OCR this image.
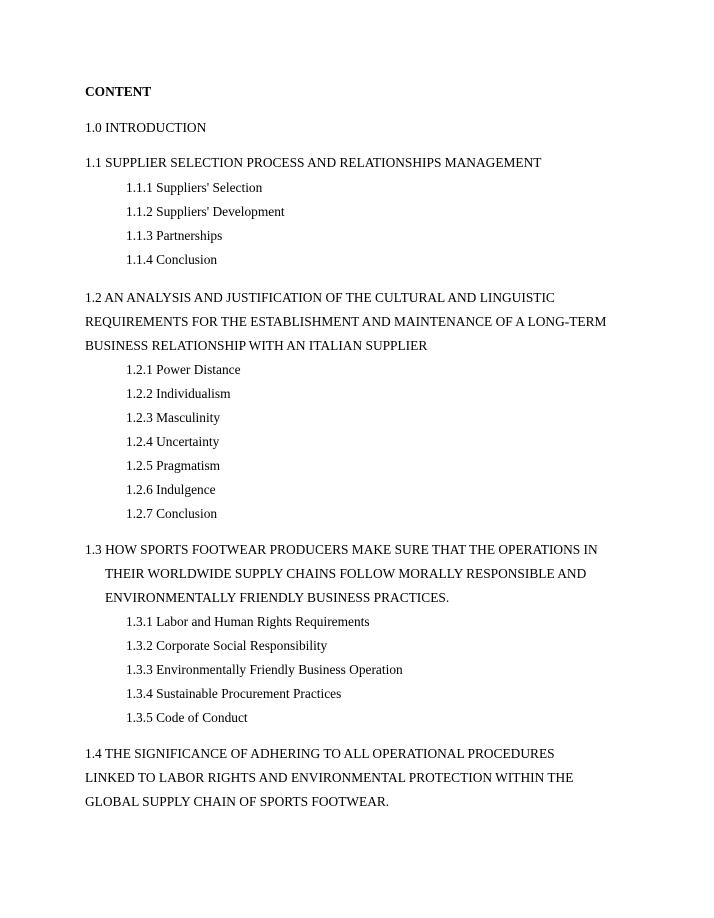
CONTENT
1.0 INTRODUCTION
1.1 SUPPLIER SELECTION PROCESS AND RELATIONSHIPS MANAGEMENT
1.1.1 Suppliers' Selection
1.1.2 Suppliers' Development
1.1.3 Partnerships
1.1.4 Conclusion
1.2 AN ANALYSIS AND JUSTIFICATION OF THE CULTURAL AND LINGUISTIC
REQUIREMENTS FOR THE ESTABLISHMENT AND MAINTENANCE OF A LONG-TERM
BUSINESS RELATIONSHIP WITH AN ITALIAN SUPPLIER
1.2.1 Power Distance
1.2.2 Individualism
1.2.3 Masculinity
1.2.4 Uncertainty
1.2.5 Pragmatism
1.2.6 Indulgence
1.2.7 Conclusion
1.3 HOW SPORTS FOOTWEAR PRODUCERS MAKE SURE THAT THE OPERATIONS IN
THEIR WORLDWIDE SUPPLY CHAINS FOLLOW MORALLY RESPONSIBLE AND
ENVIRONMENTALLY FRIENDLY BUSINESS PRACTICES.
1.3.1 Labor and Human Rights Requirements
1.3.2 Corporate Social Responsibility
1.3.3 Environmentally Friendly Business Operation
1.3.4 Sustainable Procurement Practices
1.3.5 Code of Conduct
1.4 THE SIGNIFICANCE OF ADHERING TO ALL OPERATIONAL PROCEDURES
LINKED TO LABOR RIGHTS AND ENVIRONMENTAL PROTECTION WITHIN THE
GLOBAL SUPPLY CHAIN OF SPORTS FOOTWEAR.
